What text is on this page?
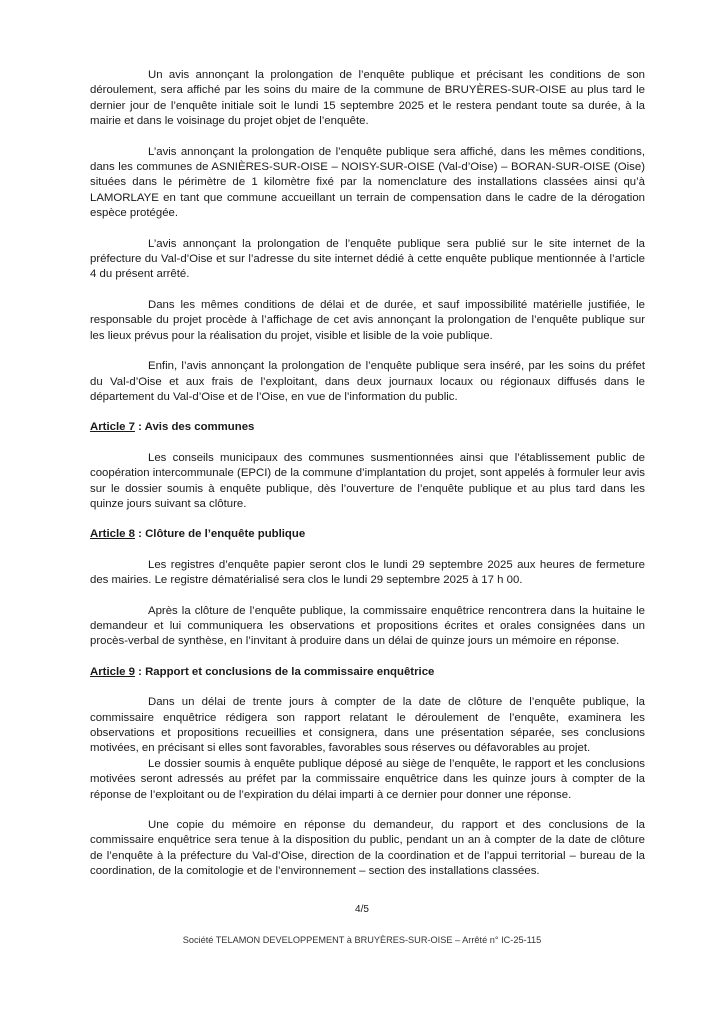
Un avis annonçant la prolongation de l’enquête publique et précisant les conditions de son déroulement, sera affiché par les soins du maire de la commune de BRUYÈRES-SUR-OISE au plus tard le dernier jour de l’enquête initiale soit le lundi 15 septembre 2025 et le restera pendant toute sa durée, à la mairie et dans le voisinage du projet objet de l’enquête.

L’avis annonçant la prolongation de l’enquête publique sera affiché, dans les mêmes conditions, dans les communes de ASNIÈRES-SUR-OISE – NOISY-SUR-OISE (Val-d’Oise) – BORAN-SUR-OISE (Oise) situées dans le périmètre de 1 kilomètre fixé par la nomenclature des installations classées ainsi qu’à LAMORLAYE en tant que commune accueillant un terrain de compensation dans le cadre de la dérogation espèce protégée.

L’avis annonçant la prolongation de l’enquête publique sera publié sur le site internet de la préfecture du Val-d’Oise et sur l’adresse du site internet dédié à cette enquête publique mentionnée à l’article 4 du présent arrêté.

Dans les mêmes conditions de délai et de durée, et sauf impossibilité matérielle justifiée, le responsable du projet procède à l’affichage de cet avis annonçant la prolongation de l’enquête publique sur les lieux prévus pour la réalisation du projet, visible et lisible de la voie publique.

Enfin, l’avis annonçant la prolongation de l’enquête publique sera inséré, par les soins du préfet du Val-d’Oise et aux frais de l’exploitant, dans deux journaux locaux ou régionaux diffusés dans le département du Val-d’Oise et de l’Oise, en vue de l’information du public.

Article 7 : Avis des communes

Les conseils municipaux des communes susmentionnées ainsi que l’établissement public de coopération intercommunale (EPCI) de la commune d’implantation du projet, sont appelés à formuler leur avis sur le dossier soumis à enquête publique, dès l’ouverture de l’enquête publique et au plus tard dans les quinze jours suivant sa clôture.

Article 8 : Clôture de l’enquête publique

Les registres d’enquête papier seront clos le lundi 29 septembre 2025 aux heures de fermeture des mairies. Le registre dématérialisé sera clos le lundi 29 septembre 2025 à 17 h 00.

Après la clôture de l’enquête publique, la commissaire enquêtrice rencontrera dans la huitaine le demandeur et lui communiquera les observations et propositions écrites et orales consignées dans un procès-verbal de synthèse, en l’invitant à produire dans un délai de quinze jours un mémoire en réponse.

Article 9 : Rapport et conclusions de la commissaire enquêtrice

Dans un délai de trente jours à compter de la date de clôture de l’enquête publique, la commissaire enquêtrice rédigera son rapport relatant le déroulement de l’enquête, examinera les observations et propositions recueillies et consignera, dans une présentation séparée, ses conclusions motivées, en précisant si elles sont favorables, favorables sous réserves ou défavorables au projet.

Le dossier soumis à enquête publique déposé au siège de l’enquête, le rapport et les conclusions motivées seront adressés au préfet par la commissaire enquêtrice dans les quinze jours à compter de la réponse de l’exploitant ou de l’expiration du délai imparti à ce dernier pour donner une réponse.

Une copie du mémoire en réponse du demandeur, du rapport et des conclusions de la commissaire enquêtrice sera tenue à la disposition du public, pendant un an à compter de la date de clôture de l’enquête à la préfecture du Val-d’Oise, direction de la coordination et de l’appui territorial – bureau de la coordination, de la comitologie et de l’environnement – section des installations classées.

4/5
Société TELAMON DEVELOPPEMENT à BRUYÈRES-SUR-OISE – Arrêté n° IC-25-115
